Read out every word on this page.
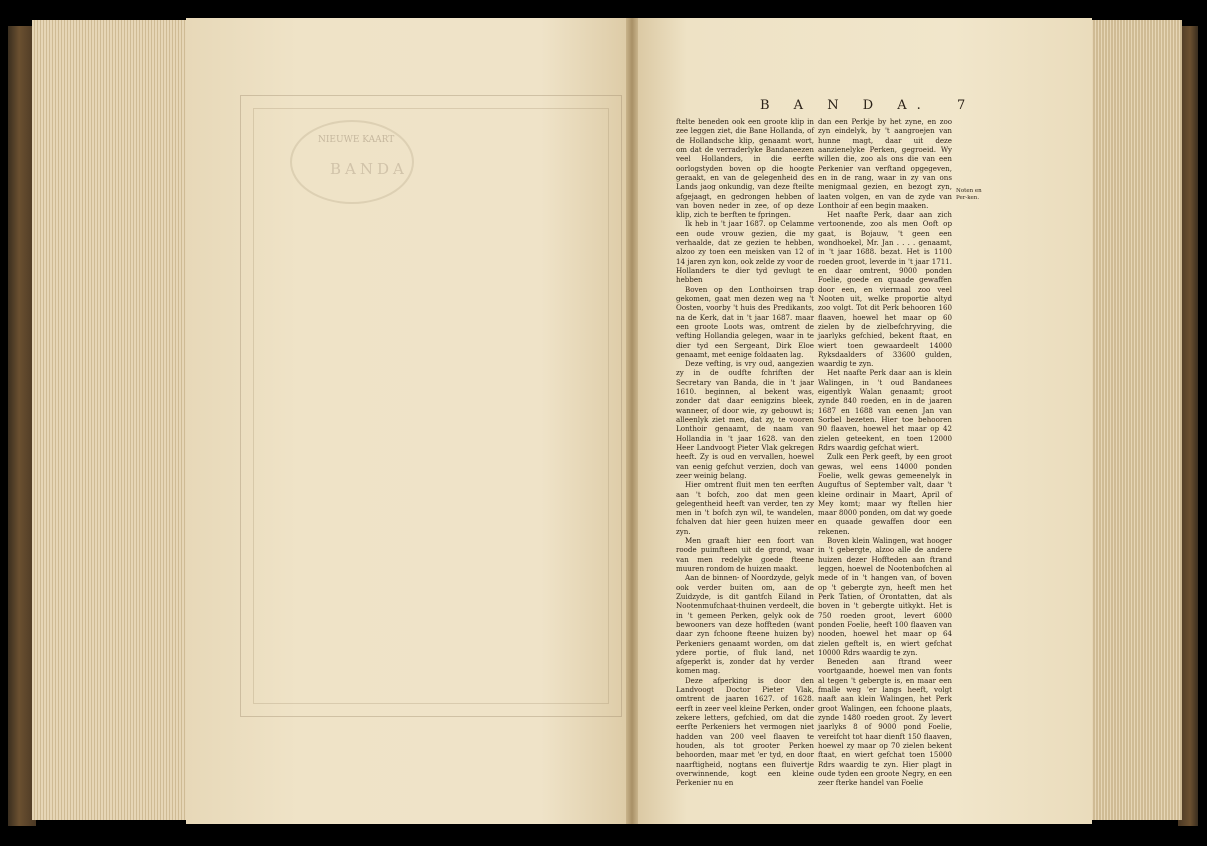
NIEUWE KAART
BANDA
B A N D A. 7

ftelte beneden ook een groote klip in zee leggen ziet, die Bane Hollanda, of de Hollandsche klip, genaamt wort, om dat de verraderlyke Bandaneezen veel Hollanders, in die eerfte oorlogstyden boven op die hoogte geraakt, en van de gelegenheid des Lands jaog onkundig, van deze fteilte afgejaagt, en gedrongen hebben of van boven neder in zee, of op deze klip, zich te berften te fpringen.

Ik heb in 't jaar 1687. op Celamme een oude vrouw gezien, die my verhaalde, dat ze gezien te hebben, alzoo zy toen een meisken van 12 of 14 jaren zyn kon, ook zelde zy voor de Hollanders te dier tyd gevlugt te hebben

Boven op den Lonthoirsen trap gekomen, gaat men dezen weg na 't Oosten, voorby 't huis des Predikants, na de Kerk, dat in 't jaar 1687. maar een groote Loots was, omtrent de vefting Hollandia gelegen, waar in te dier tyd een Sergeant, Dirk Eloe genaamt, met eenige foldaaten lag.

Deze vefting, is vry oud, aangezien zy in de oudfte fchriften der Secretary van Banda, die in 't jaar 1610. beginnen, al bekent was, zonder dat daar eenigzins bleek, wanneer, of door wie, zy gebouwt is; alleenlyk ziet men, dat zy, te vooren Lonthoir genaamt, de naam van Hollandia in 't jaar 1628. van den Heer Landvoogt Pieter Vlak gekregen heeft. Zy is oud en vervallen, hoewel van eenig gefchut verzien, doch van zeer weinig belang.

Hier omtrent fluit men ten eerften aan 't bofch, zoo dat men geen gelegentheid heeft van verder, ten zy men in 't bofch zyn wil, te wandelen, fchalven dat hier geen huizen meer zyn.

Men graaft hier een foort van roode puimfteen uit de grond, waar van men redelyke goede fteene muuren rondom de huizen maakt.

Aan de binnen- of Noordzyde, gelyk ook verder buiten om, aan de Zuidzyde, is dit gantfch Eiland in Nootenmufchaat-thuinen verdeelt, die in 't gemeen Perken, gelyk ook de bewooners van deze hoffteden (want daar zyn fchoone fteene huizen by) Perkeniers genaamt worden, om dat ydere portie, of fluk land, net afgeperkt is, zonder dat hy verder komen mag.

Deze afperking is door den Landvoogt Doctor Pieter Vlak, omtrent de jaaren 1627. of 1628. eerft in zeer veel kleine Perken, onder zekere letters, gefchied, om dat die eerfte Perkeniers het vermogen niet hadden van 200 veel flaaven te houden, als tot grooter Perken behoorden, maar met 'er tyd, en door naarftigheid, nogtans een fluivertje overwinnende, kogt een kleine Perkenier nu en

dan een Perkje by het zyne, en zoo zyn eindelyk, by 't aangroejen van hunne magt, daar uit deze aanzienelyke Perken, gegroeid. Wy willen die, zoo als ons die van een Perkenier van verftand opgegeven, en in de rang, waar in zy van ons menigmaal gezien, en bezogt zyn, laaten volgen, en van de zyde van Lonthoir af een begin maaken.

Het naafte Perk, daar aan zich vertoonende, zoo als men Ooft op gaat, is Bojauw, 't geen een wondhoekel, Mr. Jan . . . . genaamt, in 't jaar 1688. bezat. Het is 1100 roeden groot, leverde in 't jaar 1711. en daar omtrent, 9000 ponden Foelie, goede en quaade gewaffen door een, en viermaal zoo veel Nooten uit, welke proportie altyd zoo volgt. Tot dit Perk behooren 160 flaaven, hoewel het maar op 60 zielen by de zielbefchryving, die jaarlyks gefchied, bekent ftaat, en wiert toen gewaardeelt 14000 Ryksdaalders of 33600 gulden, waardig te zyn.

Het naafte Perk daar aan is klein Walingen, in 't oud Bandanees eigentlyk Walan genaamt; groot zynde 840 roeden, en in de jaaren 1687 en 1688 van eenen Jan van Sorbel bezeten. Hier toe behooren 90 flaaven, hoewel het maar op 42 zielen geteekent, en toen 12000 Rdrs waardig gefchat wiert.

Zulk een Perk geeft, by een groot gewas, wel eens 14000 ponden Foelie, welk gewas gemeenelyk in Auguftus of September valt, daar 't kleine ordinair in Maart, April of Mey komt; maar wy ftellen hier maar 8000 ponden, om dat wy goede en quaade gewaffen door een rekenen.

Boven klein Walingen, wat hooger in 't gebergte, alzoo alle de andere huizen dezer Hoffteden aan ftrand leggen, hoewel de Nootenbofchen al mede of in 't hangen van, of boven op 't gebergte zyn, heeft men het Perk Tatien, of Orontatten, dat als boven in 't gebergte uitkykt. Het is 750 roeden groot, levert 6000 ponden Foelie, heeft 100 flaaven van nooden, hoewel het maar op 64 zielen geftelt is, en wiert gefchat 10000 Rdrs waardig te zyn.

Beneden aan ftrand weer voortgaande, hoewel men van fonts al tegen 't gebergte is, en maar een fmalle weg 'er langs heeft, volgt naaft aan klein Walingen, het Perk groot Walingen, een fchoone plaats, zynde 1480 roeden groot. Zy levert jaarlyks 8 of 9000 pond Foelie, vereifcht tot haar dienft 150 flaaven, hoewel zy maar op 70 zielen bekent ftaat, en wiert gefchat toen 15000 Rdrs waardig te zyn. Hier plagt in oude tyden een groote Negry, en een zeer fterke handel van Foelie

Noten en Per-ken.
